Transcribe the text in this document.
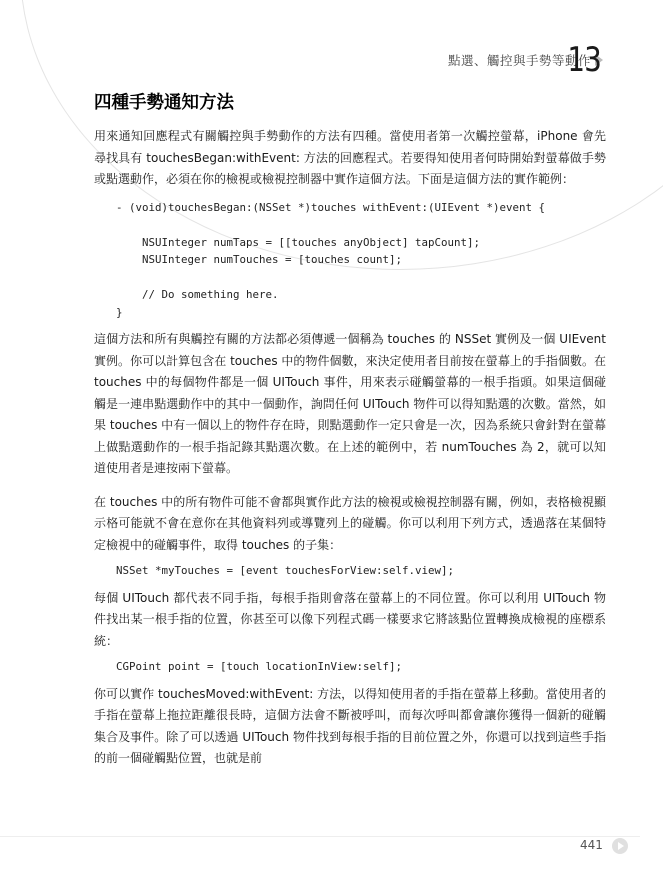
點選、觸控與手勢等動作
13
四種手勢通知方法

用來通知回應程式有關觸控與手勢動作的方法有四種。當使用者第一次觸控螢幕，iPhone 會先尋找具有 touchesBegan:withEvent: 方法的回應程式。若要得知使用者何時開始對螢幕做手勢或點選動作，必須在你的檢視或檢視控制器中實作這個方法。下面是這個方法的實作範例：

- (void)touchesBegan:(NSSet *)touches withEvent:(UIEvent *)event {

NSUInteger numTaps = [[touches anyObject] tapCount];
NSUInteger numTouches = [touches count];

// Do something here.
}

這個方法和所有與觸控有關的方法都必須傳遞一個稱為 touches 的 NSSet 實例及一個 UIEvent 實例。你可以計算包含在 touches 中的物件個數，來決定使用者目前按在螢幕上的手指個數。在 touches 中的每個物件都是一個 UITouch 事件，用來表示碰觸螢幕的一根手指頭。如果這個碰觸是一連串點選動作中的其中一個動作，詢問任何 UITouch 物件可以得知點選的次數。當然，如果 touches 中有一個以上的物件存在時，則點選動作一定只會是一次，因為系統只會針對在螢幕上做點選動作的一根手指記錄其點選次數。在上述的範例中，若 numTouches 為 2，就可以知道使用者是連按兩下螢幕。

在 touches 中的所有物件可能不會都與實作此方法的檢視或檢視控制器有關，例如，表格檢視顯示格可能就不會在意你在其他資料列或導覽列上的碰觸。你可以利用下列方式，透過落在某個特定檢視中的碰觸事件，取得 touches 的子集：

NSSet *myTouches = [event touchesForView:self.view];

每個 UITouch 都代表不同手指，每根手指則會落在螢幕上的不同位置。你可以利用 UITouch 物件找出某一根手指的位置，你甚至可以像下列程式碼一樣要求它將該點位置轉換成檢視的座標系統：

CGPoint point = [touch locationInView:self];

你可以實作 touchesMoved:withEvent: 方法，以得知使用者的手指在螢幕上移動。當使用者的手指在螢幕上拖拉距離很長時，這個方法會不斷被呼叫，而每次呼叫都會讓你獲得一個新的碰觸集合及事件。除了可以透過 UITouch 物件找到每根手指的目前位置之外，你還可以找到這些手指的前一個碰觸點位置，也就是前

441
